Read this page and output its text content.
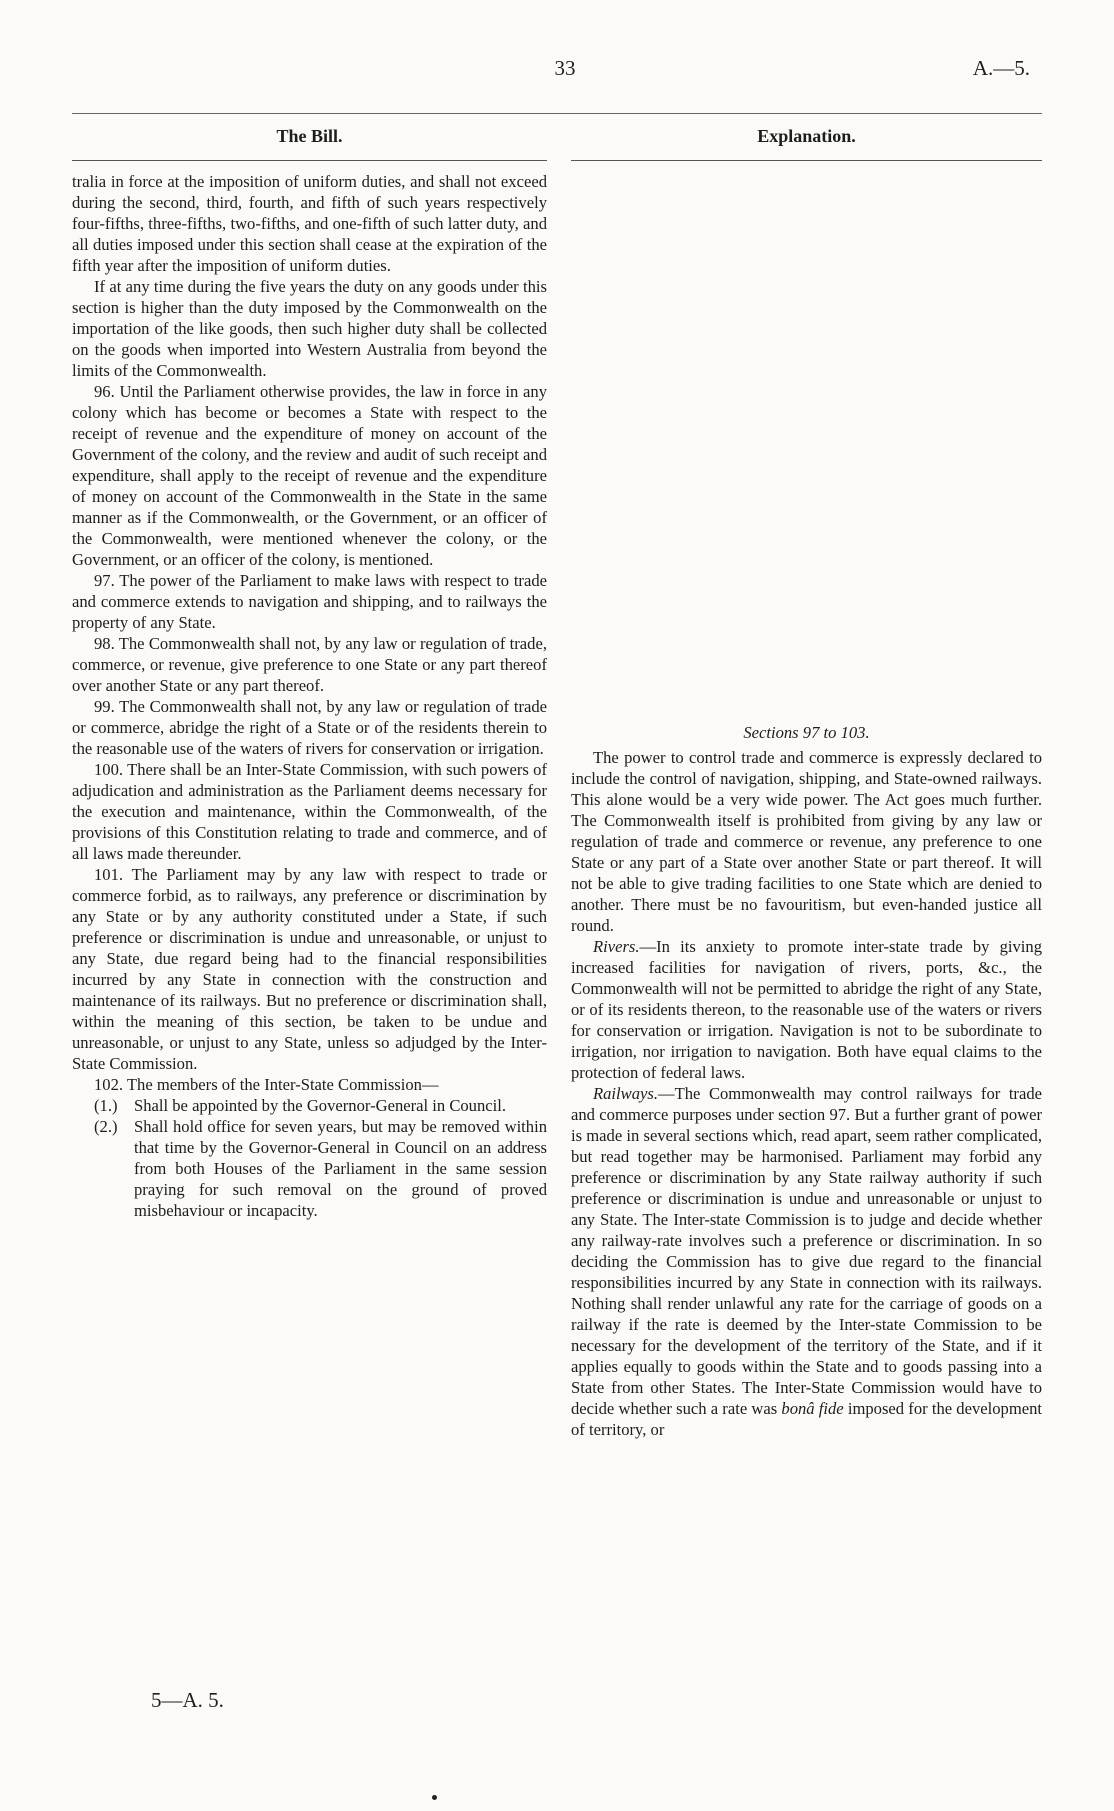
33	A.—5.
The Bill.	Explanation.

tralia in force at the imposition of uniform duties, and shall not exceed during the second, third, fourth, and fifth of such years respectively four-fifths, three-fifths, two-fifths, and one-fifth of such latter duty, and all duties imposed under this section shall cease at the expiration of the fifth year after the imposition of uniform duties.

If at any time during the five years the duty on any goods under this section is higher than the duty imposed by the Commonwealth on the importation of the like goods, then such higher duty shall be collected on the goods when imported into Western Australia from beyond the limits of the Commonwealth.

96. Until the Parliament otherwise provides, the law in force in any colony which has become or becomes a State with respect to the receipt of revenue and the expenditure of money on account of the Government of the colony, and the review and audit of such receipt and expenditure, shall apply to the receipt of revenue and the expenditure of money on account of the Commonwealth in the State in the same manner as if the Commonwealth, or the Government, or an officer of the Commonwealth, were mentioned whenever the colony, or the Government, or an officer of the colony, is mentioned.

97. The power of the Parliament to make laws with respect to trade and commerce extends to navigation and shipping, and to railways the property of any State.

98. The Commonwealth shall not, by any law or regulation of trade, commerce, or revenue, give preference to one State or any part thereof over another State or any part thereof.

99. The Commonwealth shall not, by any law or regulation of trade or commerce, abridge the right of a State or of the residents therein to the reasonable use of the waters of rivers for conservation or irrigation.

100. There shall be an Inter-State Commission, with such powers of adjudication and administration as the Parliament deems necessary for the execution and maintenance, within the Commonwealth, of the provisions of this Constitution relating to trade and commerce, and of all laws made thereunder.

101. The Parliament may by any law with respect to trade or commerce forbid, as to railways, any preference or discrimination by any State or by any authority constituted under a State, if such preference or discrimination is undue and unreasonable, or unjust to any State, due regard being had to the financial responsibilities incurred by any State in connection with the construction and maintenance of its railways. But no preference or discrimination shall, within the meaning of this section, be taken to be undue and unreasonable, or unjust to any State, unless so adjudged by the Inter-State Commission.

102. The members of the Inter-State Commission—

(1.) Shall be appointed by the Governor-General in Council.
(2.) Shall hold office for seven years, but may be removed within that time by the Governor-General in Council on an address from both Houses of the Parliament in the same session praying for such removal on the ground of proved misbehaviour or incapacity.
Sections 97 to 103.

The power to control trade and commerce is expressly declared to include the control of navigation, shipping, and State-owned railways. This alone would be a very wide power. The Act goes much further. The Commonwealth itself is prohibited from giving by any law or regulation of trade and commerce or revenue, any preference to one State or any part of a State over another State or part thereof. It will not be able to give trading facilities to one State which are denied to another. There must be no favouritism, but even-handed justice all round.

Rivers.—In its anxiety to promote inter-state trade by giving increased facilities for navigation of rivers, ports, &c., the Commonwealth will not be permitted to abridge the right of any State, or of its residents thereon, to the reasonable use of the waters or rivers for conservation or irrigation. Navigation is not to be subordinate to irrigation, nor irrigation to navigation. Both have equal claims to the protection of federal laws.

Railways.—The Commonwealth may control railways for trade and commerce purposes under section 97. But a further grant of power is made in several sections which, read apart, seem rather complicated, but read together may be harmonised. Parliament may forbid any preference or discrimination by any State railway authority if such preference or discrimination is undue and unreasonable or unjust to any State. The Inter-state Commission is to judge and decide whether any railway-rate involves such a preference or discrimination. In so deciding the Commission has to give due regard to the financial responsibilities incurred by any State in connection with its railways. Nothing shall render unlawful any rate for the carriage of goods on a railway if the rate is deemed by the Inter-state Commission to be necessary for the development of the territory of the State, and if it applies equally to goods within the State and to goods passing into a State from other States. The Inter-State Commission would have to decide whether such a rate was bonâ fide imposed for the development of territory, or

5—A. 5.
